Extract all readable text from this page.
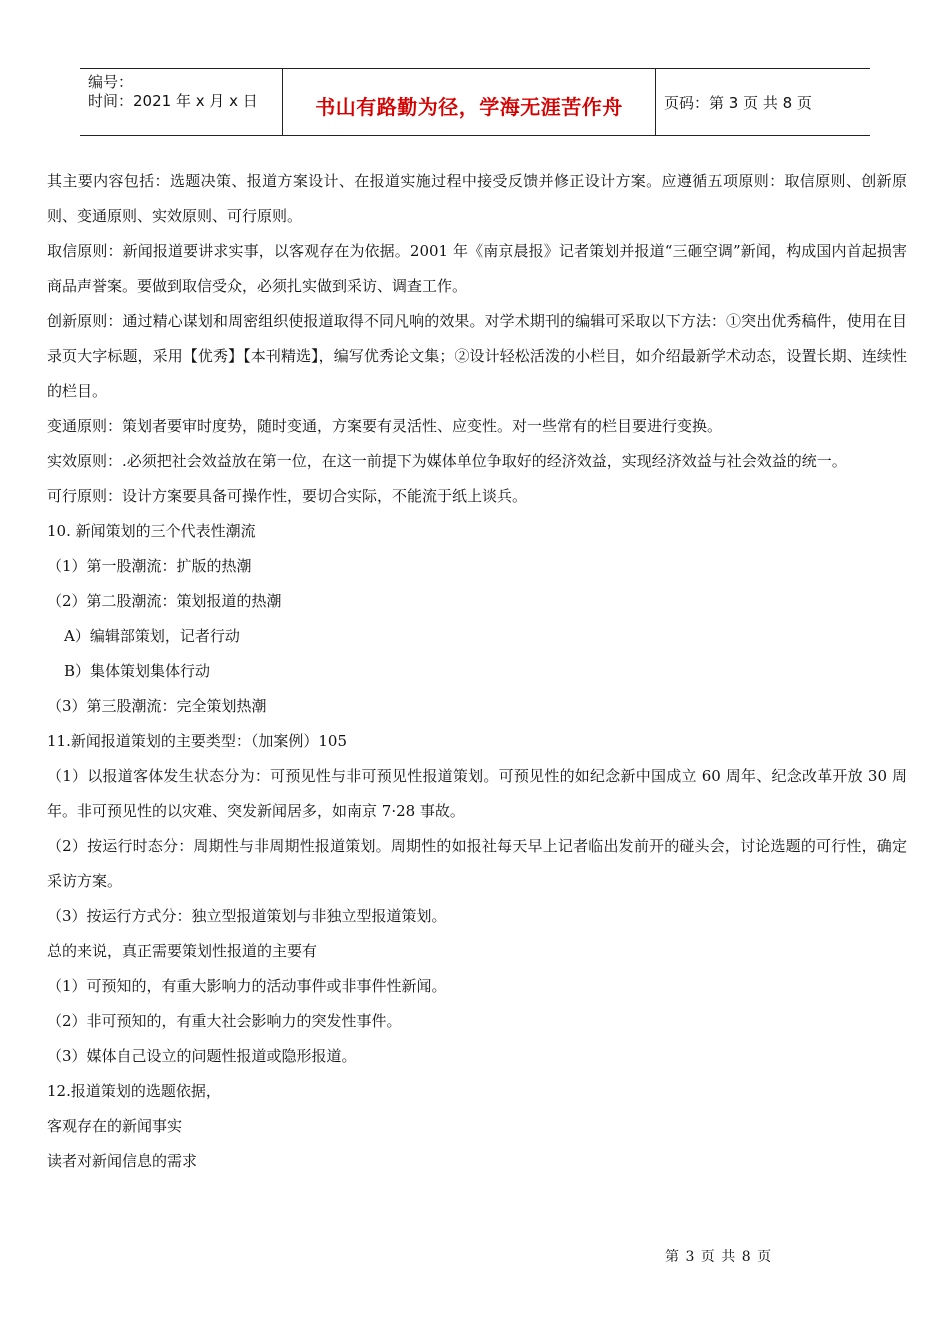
编号：
时间：2021 年 x 月 x 日	书山有路勤为径，学海无涯苦作舟	页码：第 3 页 共 8 页

其主要内容包括：选题决策、报道方案设计、在报道实施过程中接受反馈并修正设计方案。应遵循五项原则：取信原则、创新原则、变通原则、实效原则、可行原则。

取信原则：新闻报道要讲求实事，以客观存在为依据。2001 年《南京晨报》记者策划并报道“三砸空调”新闻，构成国内首起损害商品声誉案。要做到取信受众，必须扎实做到采访、调查工作。

创新原则：通过精心谋划和周密组织使报道取得不同凡响的效果。对学术期刊的编辑可采取以下方法：①突出优秀稿件，使用在目录页大字标题，采用【优秀】【本刊精选】，编写优秀论文集；②设计轻松活泼的小栏目，如介绍最新学术动态，设置长期、连续性的栏目。

变通原则：策划者要审时度势，随时变通，方案要有灵活性、应变性。对一些常有的栏目要进行变换。

实效原则：.必须把社会效益放在第一位，在这一前提下为媒体单位争取好的经济效益，实现经济效益与社会效益的统一。

可行原则：设计方案要具备可操作性，要切合实际，不能流于纸上谈兵。

10. 新闻策划的三个代表性潮流

（1）第一股潮流：扩版的热潮

（2）第二股潮流：策划报道的热潮

A）编辑部策划，记者行动

B）集体策划集体行动

（3）第三股潮流：完全策划热潮

11.新闻报道策划的主要类型：（加案例）105

（1）以报道客体发生状态分为：可预见性与非可预见性报道策划。可预见性的如纪念新中国成立 60 周年、纪念改革开放 30 周年。非可预见性的以灾难、突发新闻居多，如南京 7·28 事故。

（2）按运行时态分：周期性与非周期性报道策划。周期性的如报社每天早上记者临出发前开的碰头会，讨论选题的可行性，确定采访方案。

（3）按运行方式分：独立型报道策划与非独立型报道策划。

总的来说，真正需要策划性报道的主要有

（1）可预知的，有重大影响力的活动事件或非事件性新闻。

（2）非可预知的，有重大社会影响力的突发性事件。

（3）媒体自己设立的问题性报道或隐形报道。

12.报道策划的选题依据，

客观存在的新闻事实

读者对新闻信息的需求

第 3 页 共 8 页
